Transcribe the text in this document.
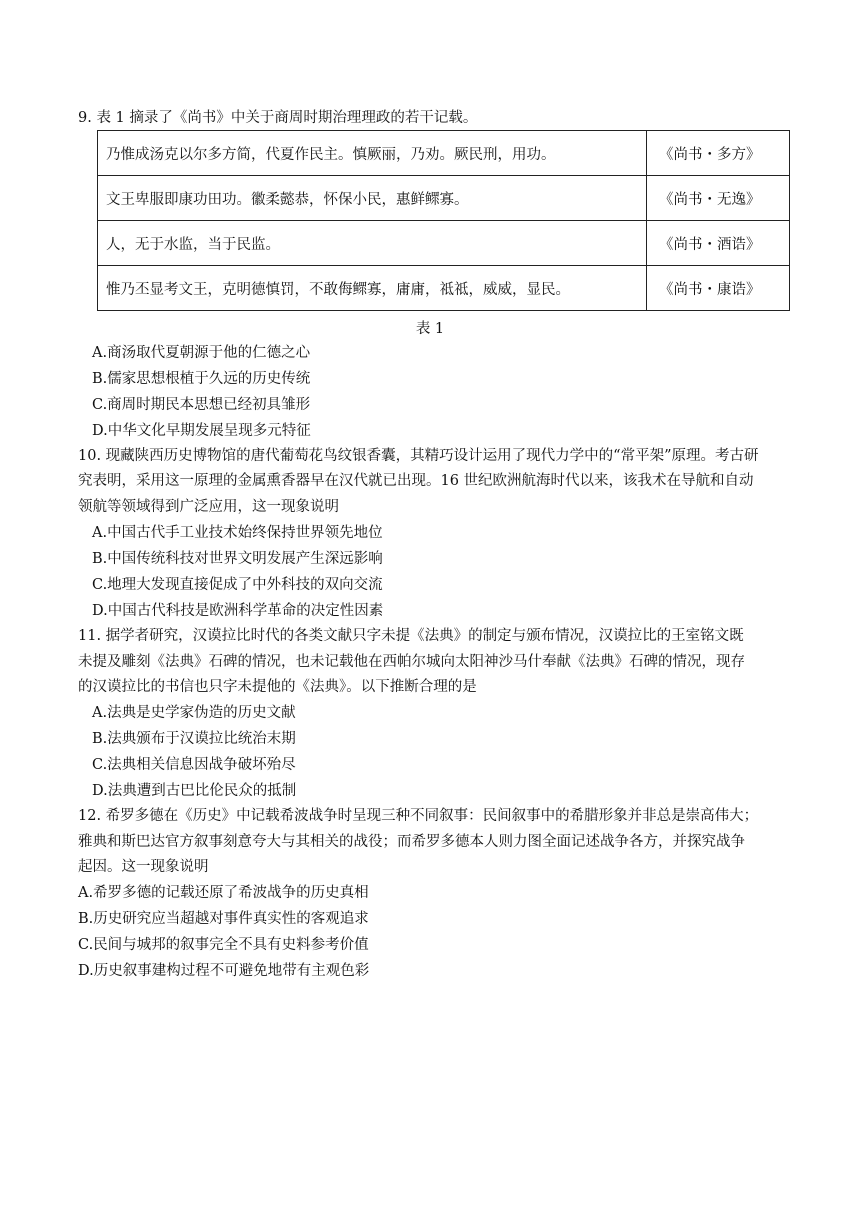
9. 表 1 摘录了《尚书》中关于商周时期治理理政的若干记载。
乃惟成汤克以尔多方简，代夏作民主。慎厥丽，乃劝。厥民刑，用功。	《尚书・多方》
文王卑服即康功田功。徽柔懿恭，怀保小民，惠鲜鳏寡。	《尚书・无逸》
人，无于水监，当于民监。	《尚书・酒诰》
惟乃丕显考文王，克明德慎罚，不敢侮鳏寡，庸庸，祗祗，威威，显民。	《尚书・康诰》
表 1
A.商汤取代夏朝源于他的仁德之心
B.儒家思想根植于久远的历史传统
C.商周时期民本思想已经初具雏形
D.中华文化早期发展呈现多元特征
10. 现藏陕西历史博物馆的唐代葡萄花鸟纹银香囊，其精巧设计运用了现代力学中的“常平架”原理。考古研
究表明，采用这一原理的金属熏香器早在汉代就已出现。16 世纪欧洲航海时代以来，该我术在导航和自动
领航等领域得到广泛应用，这一现象说明
A.中国古代手工业技术始终保持世界领先地位
B.中国传统科技对世界文明发展产生深远影响
C.地理大发现直接促成了中外科技的双向交流
D.中国古代科技是欧洲科学革命的决定性因素
11. 据学者研究，汉谟拉比时代的各类文献只字未提《法典》的制定与颁布情况，汉谟拉比的王室铭文既
未提及雕刻《法典》石碑的情况，也未记载他在西帕尔城向太阳神沙马什奉献《法典》石碑的情况，现存
的汉谟拉比的书信也只字未提他的《法典》。以下推断合理的是
A.法典是史学家伪造的历史文献
B.法典颁布于汉谟拉比统治末期
C.法典相关信息因战争破坏殆尽
D.法典遭到古巴比伦民众的抵制
12. 希罗多德在《历史》中记载希波战争时呈现三种不同叙事：民间叙事中的希腊形象并非总是崇高伟大；
雅典和斯巴达官方叙事刻意夸大与其相关的战役；而希罗多德本人则力图全面记述战争各方，并探究战争
起因。这一现象说明
A.希罗多德的记载还原了希波战争的历史真相
B.历史研究应当超越对事件真实性的客观追求
C.民间与城邦的叙事完全不具有史料参考价值
D.历史叙事建构过程不可避免地带有主观色彩
